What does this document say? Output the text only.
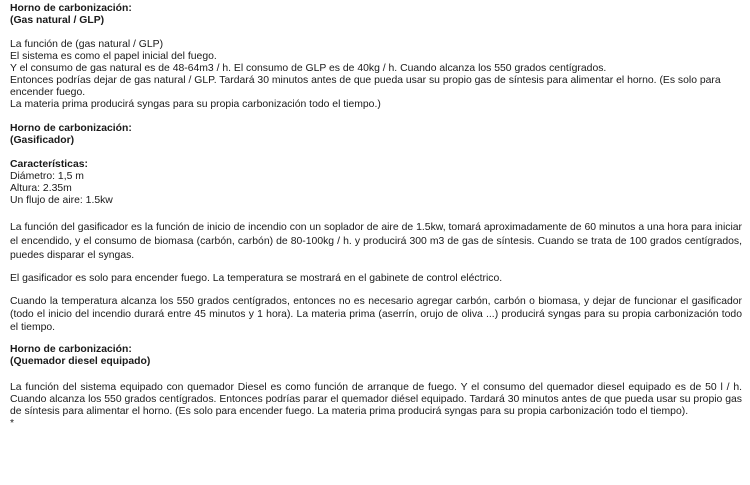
Horno de carbonización:

(Gas natural / GLP)

La función de (gas natural / GLP)

El sistema es como el papel inicial del fuego.

Y el consumo de gas natural es de 48-64m3 / h. El consumo de GLP es de 40kg / h. Cuando alcanza los 550 grados centígrados.

Entonces podrías dejar de gas natural / GLP. Tardará 30 minutos antes de que pueda usar su propio gas de síntesis para alimentar el horno. (Es solo para encender fuego.

La materia prima producirá syngas para su propia carbonización todo el tiempo.)

Horno de carbonización:

(Gasificador)

Características:

Diámetro: 1,5 m

Altura: 2.35m

Un flujo de aire: 1.5kw

La función del gasificador es la función de inicio de incendio con un soplador de aire de 1.5kw, tomará aproximadamente de 60 minutos a una hora para iniciar el encendido, y el consumo de biomasa (carbón, carbón) de 80-100kg / h. y producirá 300 m3 de gas de síntesis. Cuando se trata de 100 grados centígrados, puedes disparar el syngas.

El gasificador es solo para encender fuego. La temperatura se mostrará en el gabinete de control eléctrico.

Cuando la temperatura alcanza los 550 grados centígrados, entonces no es necesario agregar carbón, carbón o biomasa, y dejar de funcionar el gasificador (todo el inicio del incendio durará entre 45 minutos y 1 hora). La materia prima (aserrín, orujo de oliva ...) producirá syngas para su propia carbonización todo el tiempo.

Horno de carbonización:

(Quemador diesel equipado)

La función del sistema equipado con quemador Diesel es como función de arranque de fuego. Y el consumo del quemador diesel equipado es de 50 l / h. Cuando alcanza los 550 grados centígrados. Entonces podrías parar el quemador diésel equipado. Tardará 30 minutos antes de que pueda usar su propio gas de síntesis para alimentar el horno. (Es solo para encender fuego. La materia prima producirá syngas para su propia carbonización todo el tiempo).

*
